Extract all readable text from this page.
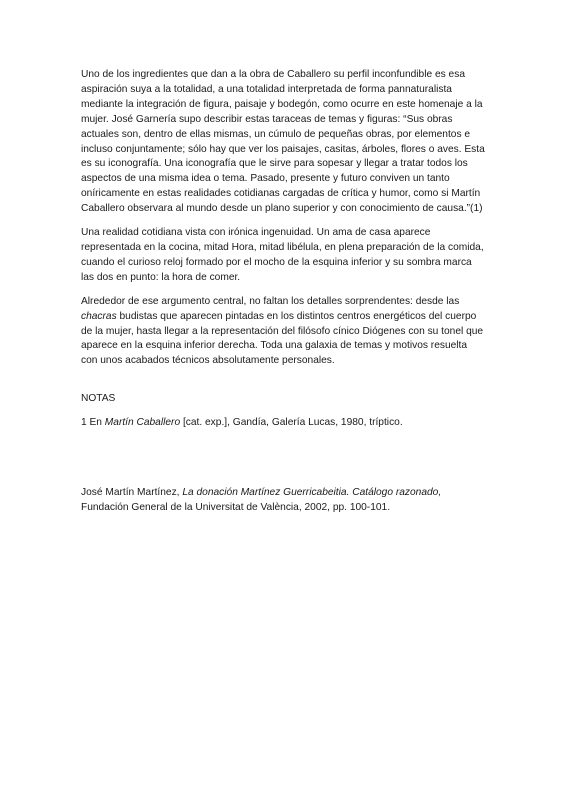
Uno de los ingredientes que dan a la obra de Caballero su perfil inconfundible es esa aspiración suya a la totalidad, a una totalidad interpretada de forma pannaturalista mediante la integración de figura, paisaje y bodegón, como ocurre en este homenaje a la mujer. José Garnería supo describir estas taraceas de temas y figuras: “Sus obras actuales son, dentro de ellas mismas, un cúmulo de pequeñas obras, por elementos e incluso conjuntamente; sólo hay que ver los paisajes, casitas, árboles, flores o aves. Esta es su iconografía. Una iconografía que le sirve para sopesar y llegar a tratar todos los aspectos de una misma idea o tema. Pasado, presente y futuro conviven un tanto oníricamente en estas realidades cotidianas cargadas de crítica y humor, como si Martín Caballero observara al mundo desde un plano superior y con conocimiento de causa.”(1)

Una realidad cotidiana vista con irónica ingenuidad. Un ama de casa aparece representada en la cocina, mitad Hora, mitad libélula, en plena preparación de la comida, cuando el curioso reloj formado por el mocho de la esquina inferior y su sombra marca las dos en punto: la hora de comer.

Alrededor de ese argumento central, no faltan los detalles sorprendentes: desde las chacras budistas que aparecen pintadas en los distintos centros energéticos del cuerpo de la mujer, hasta llegar a la representación del filósofo cínico Diógenes con su tonel que aparece en la esquina inferior derecha. Toda una galaxia de temas y motivos resuelta con unos acabados técnicos absolutamente personales.

NOTAS

1 En Martín Caballero [cat. exp.], Gandía, Galería Lucas, 1980, tríptico.

José Martín Martínez, La donación Martínez Guerricabeitia. Catálogo razonado, Fundación General de la Universitat de València, 2002, pp. 100-101.
